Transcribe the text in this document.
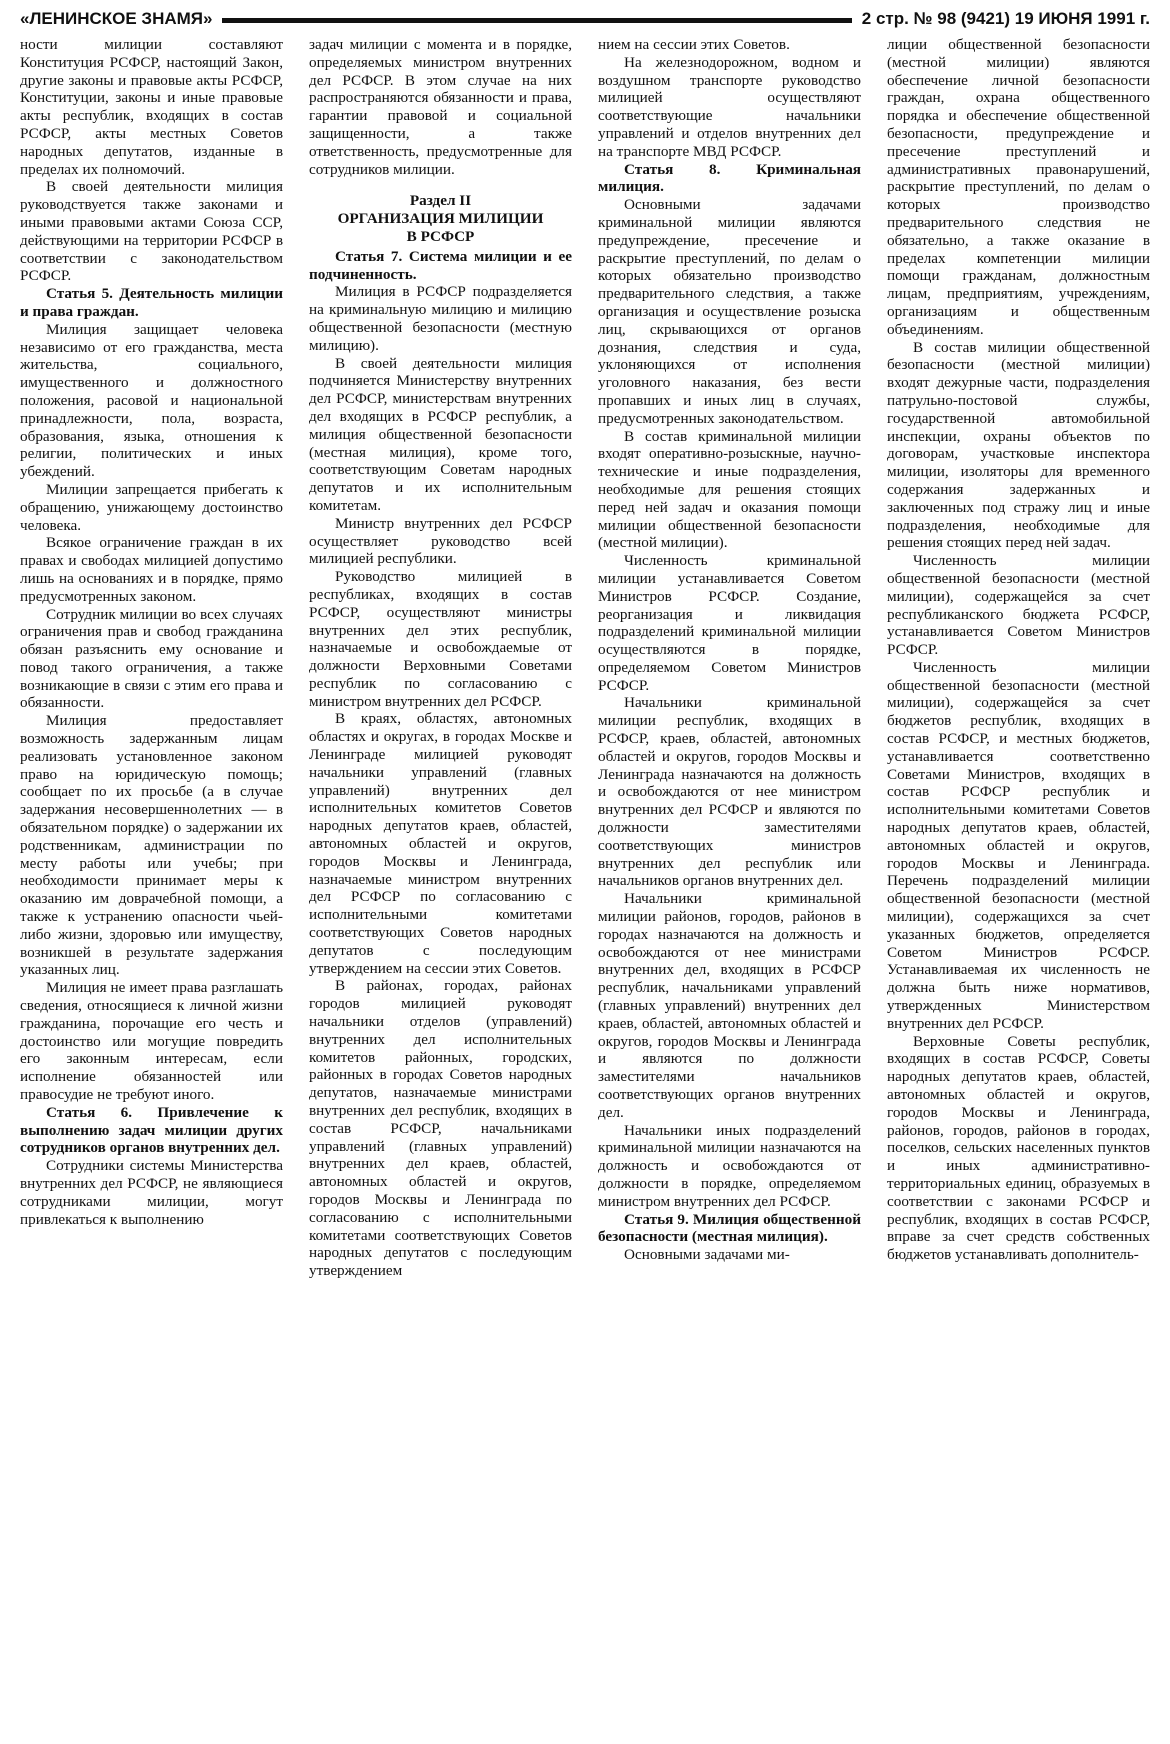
«ЛЕНИНСКОЕ ЗНАМЯ»	2 стр. № 98 (9421) 19 ИЮНЯ 1991 г.

ности милиции составляют Конституция РСФСР, настоящий Закон, другие законы и правовые акты РСФСР, Конституции, законы и иные правовые акты республик, входящих в состав РСФСР, акты местных Советов народных депутатов, изданные в пределах их полномочий.

В своей деятельности милиция руководствуется также законами и иными правовыми актами Союза ССР, действующими на территории РСФСР в соответствии с законодательством РСФСР.

Статья 5. Деятельность милиции и права граждан.

Милиция защищает человека независимо от его гражданства, места жительства, социального, имущественного и должностного положения, расовой и национальной принадлежности, пола, возраста, образования, языка, отношения к религии, политических и иных убеждений.

Милиции запрещается прибегать к обращению, унижающему достоинство человека.

Всякое ограничение граждан в их правах и свободах милицией допустимо лишь на основаниях и в порядке, прямо предусмотренных законом.

Сотрудник милиции во всех случаях ограничения прав и свобод гражданина обязан разъяснить ему основание и повод такого ограничения, а также возникающие в связи с этим его права и обязанности.

Милиция предоставляет возможность задержанным лицам реализовать установленное законом право на юридическую помощь; сообщает по их просьбе (а в случае задержания несовершеннолетних — в обязательном порядке) о задержании их родственникам, администрации по месту работы или учебы; при необходимости принимает меры к оказанию им доврачебной помощи, а также к устранению опасности чьей-либо жизни, здоровью или имуществу, возникшей в результате задержания указанных лиц.

Милиция не имеет права разглашать сведения, относящиеся к личной жизни гражданина, порочащие его честь и достоинство или могущие повредить его законным интересам, если исполнение обязанностей или правосудие не требуют иного.

Статья 6. Привлечение к выполнению задач милиции других сотрудников органов внутренних дел.

Сотрудники системы Министерства внутренних дел РСФСР, не являющиеся сотрудниками милиции, могут привлекаться к выполнению

задач милиции с момента и в порядке, определяемых министром внутренних дел РСФСР. В этом случае на них распространяются обязанности и права, гарантии правовой и социальной защищенности, а также ответственность, предусмотренные для сотрудников милиции.

Раздел II
ОРГАНИЗАЦИЯ МИЛИЦИИ
В РСФСР

Статья 7. Система милиции и ее подчиненность.

Милиция в РСФСР подразделяется на криминальную милицию и милицию общественной безопасности (местную милицию).

В своей деятельности милиция подчиняется Министерству внутренних дел РСФСР, министерствам внутренних дел входящих в РСФСР республик, а милиция общественной безопасности (местная милиция), кроме того, соответствующим Советам народных депутатов и их исполнительным комитетам.

Министр внутренних дел РСФСР осуществляет руководство всей милицией республики.

Руководство милицией в республиках, входящих в состав РСФСР, осуществляют министры внутренних дел этих республик, назначаемые и освобождаемые от должности Верховными Советами республик по согласованию с министром внутренних дел РСФСР.

В краях, областях, автономных областях и округах, в городах Москве и Ленинграде милицией руководят начальники управлений (главных управлений) внутренних дел исполнительных комитетов Советов народных депутатов краев, областей, автономных областей и округов, городов Москвы и Ленинграда, назначаемые министром внутренних дел РСФСР по согласованию с исполнительными комитетами соответствующих Советов народных депутатов с последующим утверждением на сессии этих Советов.

В районах, городах, районах городов милицией руководят начальники отделов (управлений) внутренних дел исполнительных комитетов районных, городских, районных в городах Советов народных депутатов, назначаемые министрами внутренних дел республик, входящих в состав РСФСР, начальниками управлений (главных управлений) внутренних дел краев, областей, автономных областей и округов, городов Москвы и Ленинграда по согласованию с исполнительными комитетами соответствующих Советов народных депутатов с последующим утверждением

нием на сессии этих Советов.

На железнодорожном, водном и воздушном транспорте руководство милицией осуществляют соответствующие начальники управлений и отделов внутренних дел на транспорте МВД РСФСР.

Статья 8. Криминальная милиция.

Основными задачами криминальной милиции являются предупреждение, пресечение и раскрытие преступлений, по делам о которых обязательно производство предварительного следствия, а также организация и осуществление розыска лиц, скрывающихся от органов дознания, следствия и суда, уклоняющихся от исполнения уголовного наказания, без вести пропавших и иных лиц в случаях, предусмотренных законодательством.

В состав криминальной милиции входят оперативно-розыскные, научно-технические и иные подразделения, необходимые для решения стоящих перед ней задач и оказания помощи милиции общественной безопасности (местной милиции).

Численность криминальной милиции устанавливается Советом Министров РСФСР. Создание, реорганизация и ликвидация подразделений криминальной милиции осуществляются в порядке, определяемом Советом Министров РСФСР.

Начальники криминальной милиции республик, входящих в РСФСР, краев, областей, автономных областей и округов, городов Москвы и Ленинграда назначаются на должность и освобождаются от нее министром внутренних дел РСФСР и являются по должности заместителями соответствующих министров внутренних дел республик или начальников органов внутренних дел.

Начальники криминальной милиции районов, городов, районов в городах назначаются на должность и освобождаются от нее министрами внутренних дел, входящих в РСФСР республик, начальниками управлений (главных управлений) внутренних дел краев, областей, автономных областей и округов, городов Москвы и Ленинграда и являются по должности заместителями начальников соответствующих органов внутренних дел.

Начальники иных подразделений криминальной милиции назначаются на должность и освобождаются от должности в порядке, определяемом министром внутренних дел РСФСР.

Статья 9. Милиция общественной безопасности (местная милиция).

Основными задачами ми-

лиции общественной безопасности (местной милиции) являются обеспечение личной безопасности граждан, охрана общественного порядка и обеспечение общественной безопасности, предупреждение и пресечение преступлений и административных правонарушений, раскрытие преступлений, по делам о которых производство предварительного следствия не обязательно, а также оказание в пределах компетенции милиции помощи гражданам, должностным лицам, предприятиям, учреждениям, организациям и общественным объединениям.

В состав милиции общественной безопасности (местной милиции) входят дежурные части, подразделения патрульно-постовой службы, государственной автомобильной инспекции, охраны объектов по договорам, участковые инспектора милиции, изоляторы для временного содержания задержанных и заключенных под стражу лиц и иные подразделения, необходимые для решения стоящих перед ней задач.

Численность милиции общественной безопасности (местной милиции), содержащейся за счет республиканского бюджета РСФСР, устанавливается Советом Министров РСФСР.

Численность милиции общественной безопасности (местной милиции), содержащейся за счет бюджетов республик, входящих в состав РСФСР, и местных бюджетов, устанавливается соответственно Советами Министров, входящих в состав РСФСР республик и исполнительными комитетами Советов народных депутатов краев, областей, автономных областей и округов, городов Москвы и Ленинграда. Перечень подразделений милиции общественной безопасности (местной милиции), содержащихся за счет указанных бюджетов, определяется Советом Министров РСФСР. Устанавливаемая их численность не должна быть ниже нормативов, утвержденных Министерством внутренних дел РСФСР.

Верховные Советы республик, входящих в состав РСФСР, Советы народных депутатов краев, областей, автономных областей и округов, городов Москвы и Ленинграда, районов, городов, районов в городах, поселков, сельских населенных пунктов и иных административно-территориальных единиц, образуемых в соответствии с законами РСФСР и республик, входящих в состав РСФСР, вправе за счет средств собственных бюджетов устанавливать дополнитель-
